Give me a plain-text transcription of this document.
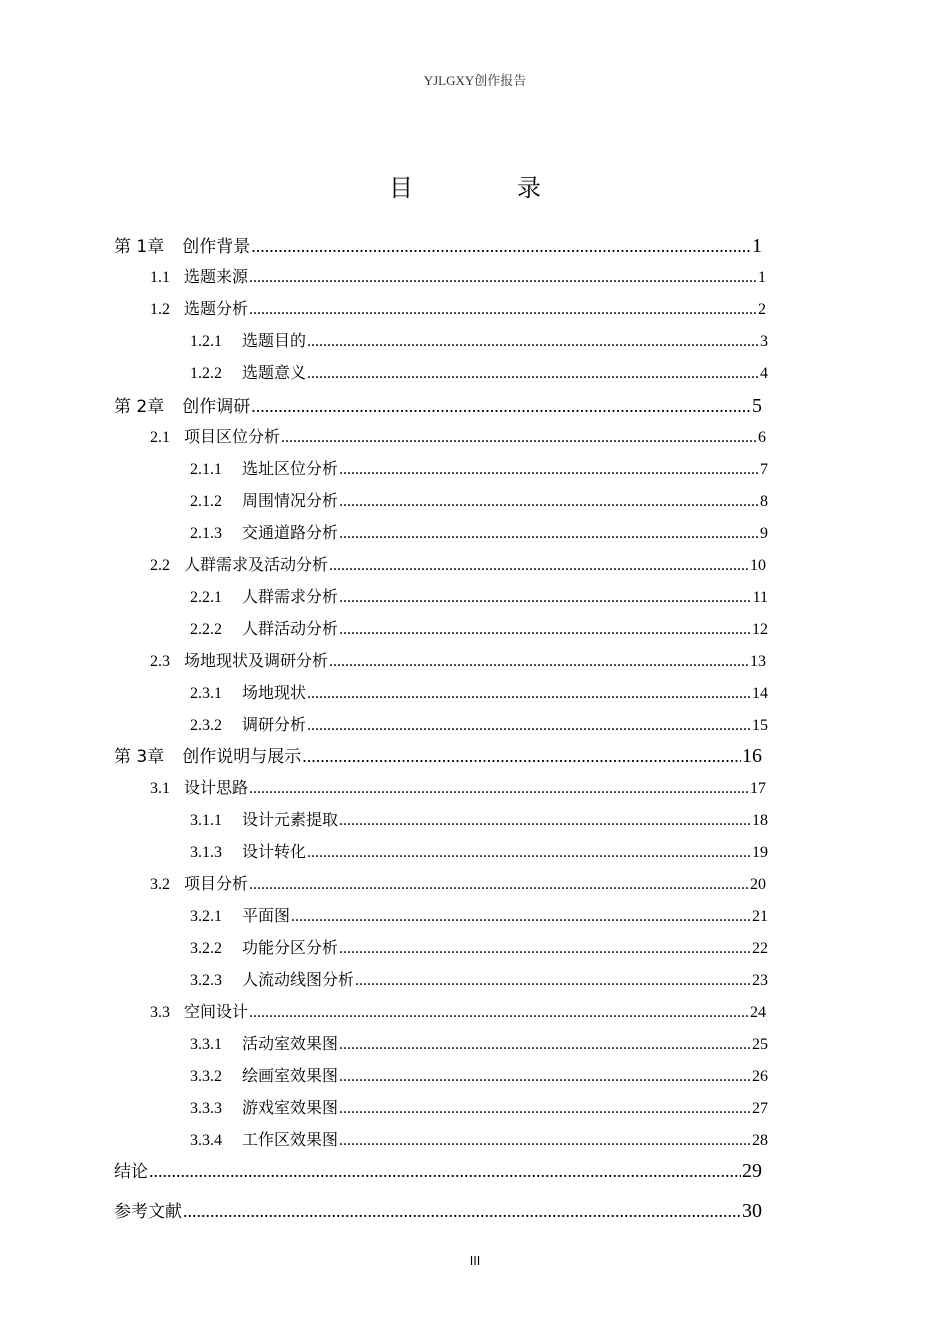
YJLGXY创作报告
目　录
第 1章 创作背景 .....	1
1.1 选题来源 .....	1
1.2 选题分析 .....	2
1.2.1 选题目的 .....	3
1.2.2 选题意义 .....	4
第 2章 创作调研 .....	5
2.1 项目区位分析 .....	6
2.1.1 选址区位分析 .....	7
2.1.2 周围情况分析 .....	8
2.1.3 交通道路分析 .....	9
2.2 人群需求及活动分析 .....	10
2.2.1 人群需求分析 .....	11
2.2.2 人群活动分析 .....	12
2.3 场地现状及调研分析 .....	13
2.3.1 场地现状 .....	14
2.3.2 调研分析 .....	15
第 3章 创作说明与展示 .....	16
3.1 设计思路 .....	17
3.1.1 设计元素提取 .....	18
3.1.3 设计转化 .....	19
3.2 项目分析 .....	20
3.2.1 平面图 .....	21
3.2.2 功能分区分析 .....	22
3.2.3 人流动线图分析 .....	23
3.3 空间设计 .....	24
3.3.1 活动室效果图 .....	25
3.3.2 绘画室效果图 .....	26
3.3.3 游戏室效果图 .....	27
3.3.4 工作区效果图 .....	28
结论 .....	29
参考文献 .....	30
III
